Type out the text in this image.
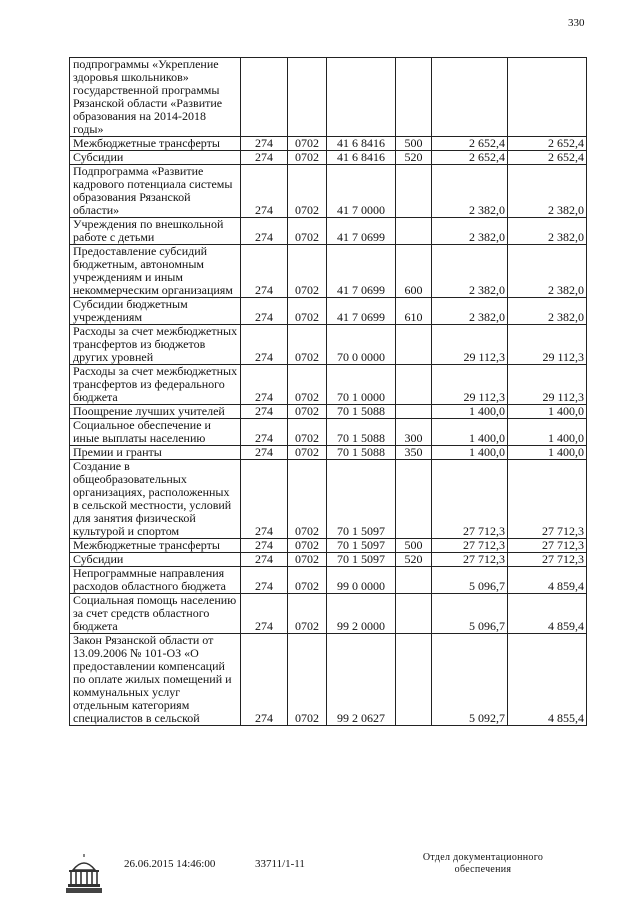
330
подпрограммы «Укрепление здоровья школьников» государственной программы Рязанской области «Развитие образования на 2014-2018 годы»						
Межбюджетные трансферты	274	0702	41 6 8416	500	2 652,4	2 652,4
Субсидии	274	0702	41 6 8416	520	2 652,4	2 652,4
Подпрограмма «Развитие кадрового потенциала системы образования Рязанской области»	274	0702	41 7 0000		2 382,0	2 382,0
Учреждения по внешкольной работе с детьми	274	0702	41 7 0699		2 382,0	2 382,0
Предоставление субсидий бюджетным, автономным учреждениям и иным некоммерческим организациям	274	0702	41 7 0699	600	2 382,0	2 382,0
Субсидии бюджетным учреждениям	274	0702	41 7 0699	610	2 382,0	2 382,0
Расходы за счет межбюджетных трансфертов из бюджетов других уровней	274	0702	70 0 0000		29 112,3	29 112,3
Расходы за счет межбюджетных трансфертов из федерального бюджета	274	0702	70 1 0000		29 112,3	29 112,3
Поощрение лучших учителей	274	0702	70 1 5088		1 400,0	1 400,0
Социальное обеспечение и иные выплаты населению	274	0702	70 1 5088	300	1 400,0	1 400,0
Премии и гранты	274	0702	70 1 5088	350	1 400,0	1 400,0
Создание в общеобразовательных организациях, расположенных в сельской местности, условий для занятия физической культурой и спортом	274	0702	70 1 5097		27 712,3	27 712,3
Межбюджетные трансферты	274	0702	70 1 5097	500	27 712,3	27 712,3
Субсидии	274	0702	70 1 5097	520	27 712,3	27 712,3
Непрограммные направления расходов областного бюджета	274	0702	99 0 0000		5 096,7	4 859,4
Социальная помощь населению за счет средств областного бюджета	274	0702	99 2 0000		5 096,7	4 859,4
Закон Рязанской области от 13.09.2006 № 101-ОЗ «О предоставлении компенсаций по оплате жилых помещений и коммунальных услуг отдельным категориям специалистов в сельской	274	0702	99 2 0627		5 092,7	4 855,4
26.06.2015 14:46:00	33711/1-11
Отдел документационного обеспечения
